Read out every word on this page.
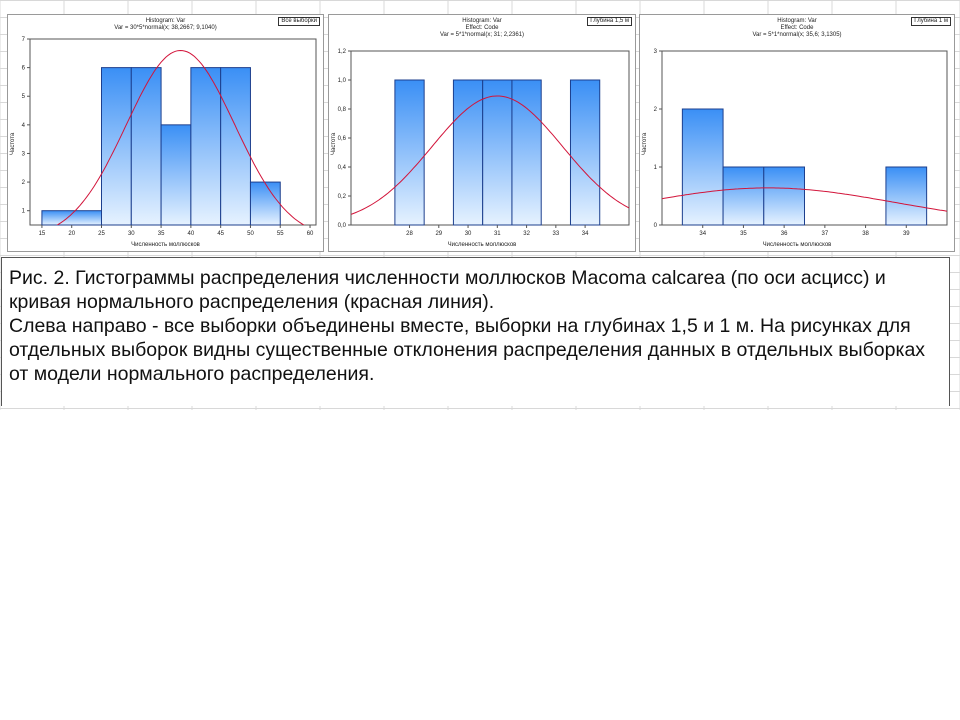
1
2
3
4
5
6
7
15	20	25	30	35	40	45	50	55	60
Histogram: Var
Var = 30*5*normal(x; 38,2667; 9,1040)
Все выборки
Численность моллюсков
Частота
0,0
0,2
0,4
0,6
0,8
1,0
1,2
28	29	30	31	32	33	34
Histogram: Var
Effect: Code
Var = 5*1*normal(x; 31; 2,2361)
Глубина 1,5 м
Численность моллюсков
Частота
0
1
2
3
34	35	36	37	38	39
Histogram: Var
Effect: Code
Var = 5*1*normal(x; 35,6; 3,1305)
Глубина 1 м
Численность моллюсков
Частота

Рис. 2. Гистограммы распределения численности моллюсков Macoma calcarea (по оси асцисс) и кривая нормального распределения (красная линия).

Слева направо - все выборки объединены вместе, выборки на глубинах 1,5 и 1 м. На рисунках для отдельных выборок видны существенные отклонения распределения данных в отдельных выборках от модели нормального распределения.
